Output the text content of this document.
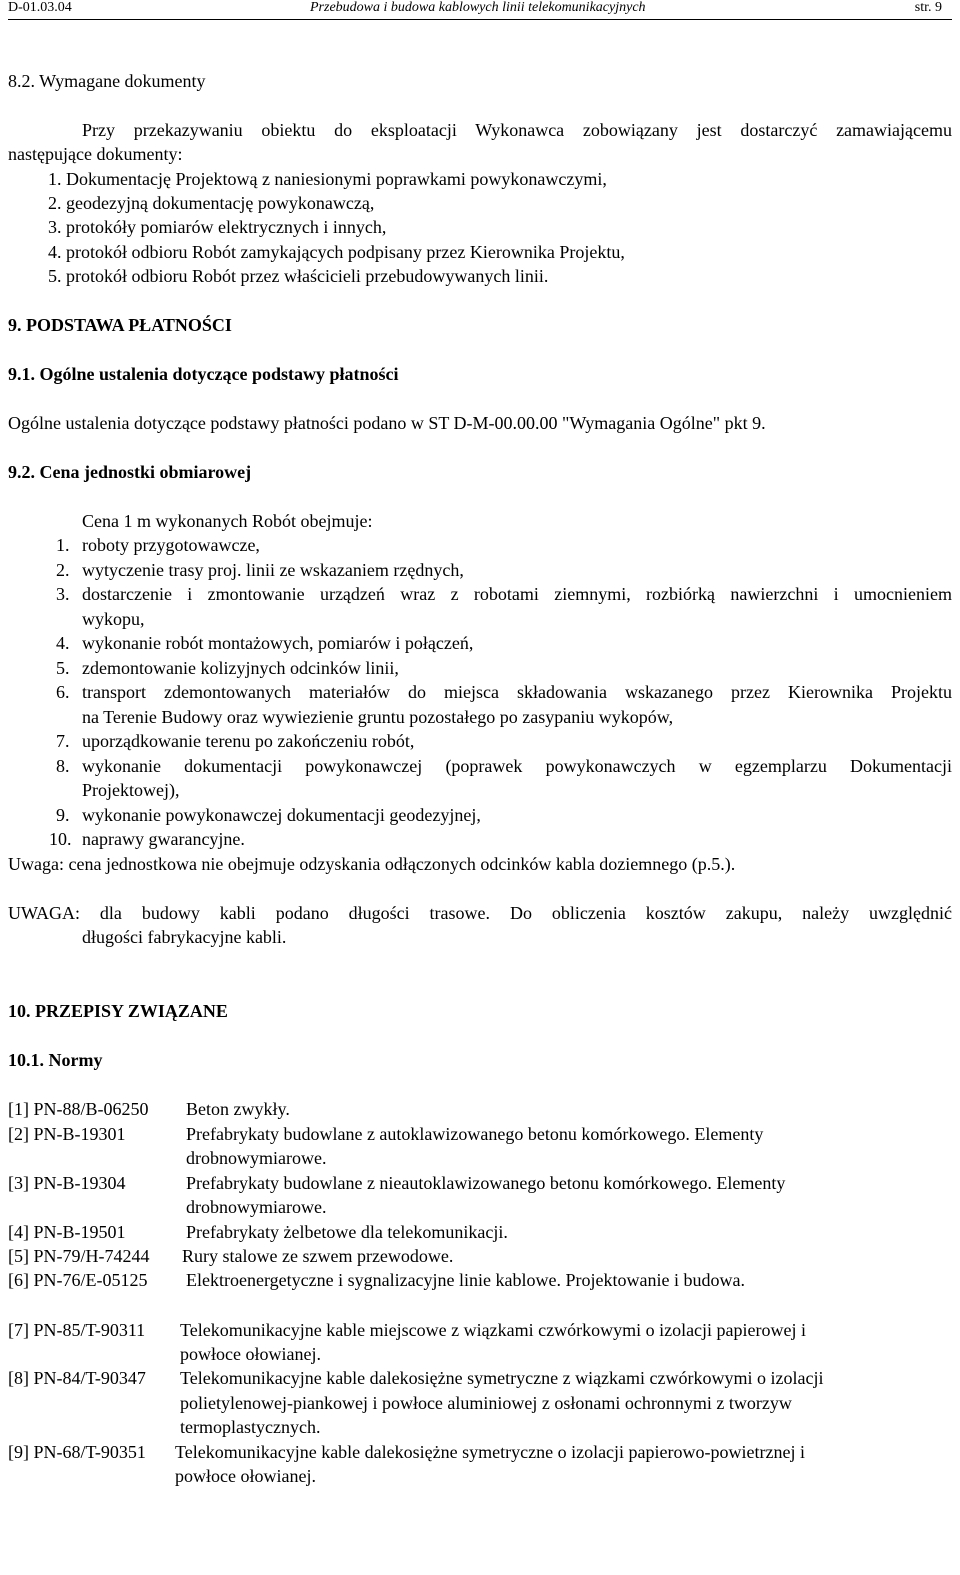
D-01.03.04	Przebudowa i budowa kablowych linii telekomunikacyjnych	str. 9
8.2. Wymagane dokumenty
Przy przekazywaniu obiektu do eksploatacji Wykonawca zobowiązany jest dostarczyć zamawiającemu
następujące dokumenty:
1. Dokumentację Projektową z naniesionymi poprawkami powykonawczymi,
2. geodezyjną dokumentację powykonawczą,
3. protokóły pomiarów elektrycznych i innych,
4. protokół odbioru Robót zamykających podpisany przez Kierownika Projektu,
5. protokół odbioru Robót przez właścicieli przebudowywanych linii.
9. PODSTAWA PŁATNOŚCI
9.1. Ogólne ustalenia dotyczące podstawy płatności
Ogólne ustalenia dotyczące podstawy płatności podano w ST D-M-00.00.00 "Wymagania Ogólne" pkt 9.
9.2. Cena jednostki obmiarowej
Cena 1 m wykonanych Robót obejmuje:
1. roboty przygotowawcze,
2. wytyczenie trasy proj. linii ze wskazaniem rzędnych,
3. dostarczenie i zmontowanie urządzeń wraz z robotami ziemnymi, rozbiórką nawierzchni i umocnieniem
wykopu,
4. wykonanie robót montażowych, pomiarów i połączeń,
5. zdemontowanie kolizyjnych odcinków linii,
6. transport zdemontowanych materiałów do miejsca składowania wskazanego przez Kierownika Projektu
na Terenie Budowy oraz wywiezienie gruntu pozostałego po zasypaniu wykopów,
7. uporządkowanie terenu po zakończeniu robót,
8. wykonanie dokumentacji powykonawczej (poprawek powykonawczych w egzemplarzu Dokumentacji
Projektowej),
9. wykonanie powykonawczej dokumentacji geodezyjnej,
10. naprawy gwarancyjne.
Uwaga: cena jednostkowa nie obejmuje odzyskania odłączonych odcinków kabla doziemnego (p.5.).
UWAGA: dla budowy kabli podano długości trasowe. Do obliczenia kosztów zakupu, należy uwzględnić
długości fabrykacyjne kabli.
10. PRZEPISY ZWIĄZANE
10.1. Normy
[1] PN-88/B-06250 Beton zwykły.
[2] PN-B-19301	Prefabrykaty budowlane z autoklawizowanego betonu komórkowego. Elementy
drobnowymiarowe.
[3] PN-B-19304	Prefabrykaty budowlane z nieautoklawizowanego betonu komórkowego. Elementy
drobnowymiarowe.
[4] PN-B-19501	Prefabrykaty żelbetowe dla telekomunikacji.
[5] PN-79/H-74244 Rury stalowe ze szwem przewodowe.
[6] PN-76/E-05125 Elektroenergetyczne i sygnalizacyjne linie kablowe. Projektowanie i budowa.
[7] PN-85/T-90311 Telekomunikacyjne kable miejscowe z wiązkami czwórkowymi o izolacji papierowej i
powłoce ołowianej.
[8] PN-84/T-90347 Telekomunikacyjne kable dalekosiężne symetryczne z wiązkami czwórkowymi o izolacji
polietylenowej-piankowej i powłoce aluminiowej z osłonami ochronnymi z tworzyw
termoplastycznych.
[9] PN-68/T-90351 Telekomunikacyjne kable dalekosiężne symetryczne o izolacji papierowo-powietrznej i
powłoce ołowianej.
